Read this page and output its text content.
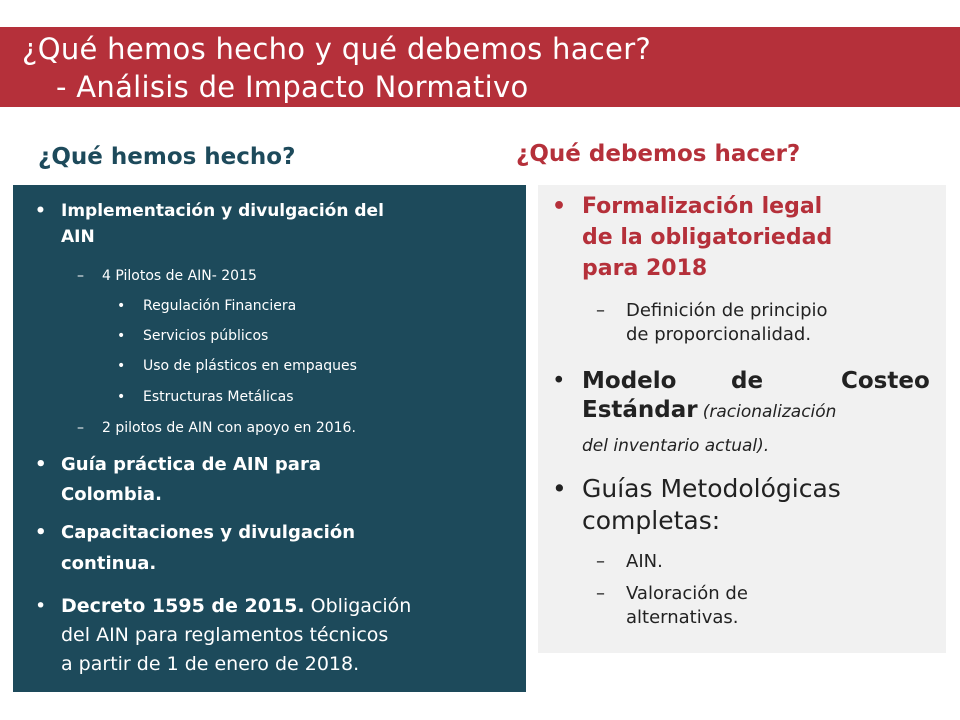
¿Qué hemos hecho y qué debemos hacer?
- Análisis de Impacto Normativo
¿Qué hemos hecho?	¿Qué debemos hacer?
• Implementación y divulgación del
AIN
– 4 Pilotos de AIN- 2015
• Regulación Financiera
• Servicios públicos
• Uso de plásticos en empaques
• Estructuras Metálicas
– 2 pilotos de AIN con apoyo en 2016.
• Guía práctica de AIN para
Colombia.
• Capacitaciones y divulgación
continua.
• Decreto 1595 de 2015. Obligación
del AIN para reglamentos técnicos
a partir de 1 de enero de 2018.
• Formalización legal
de la obligatoriedad
para 2018
– Definición de principio
de proporcionalidad.
• Modelo de	Costeo
Estándar (racionalización
del inventario actual).
• Guías Metodológicas
completas:
– AIN.
– Valoración de
alternativas.
